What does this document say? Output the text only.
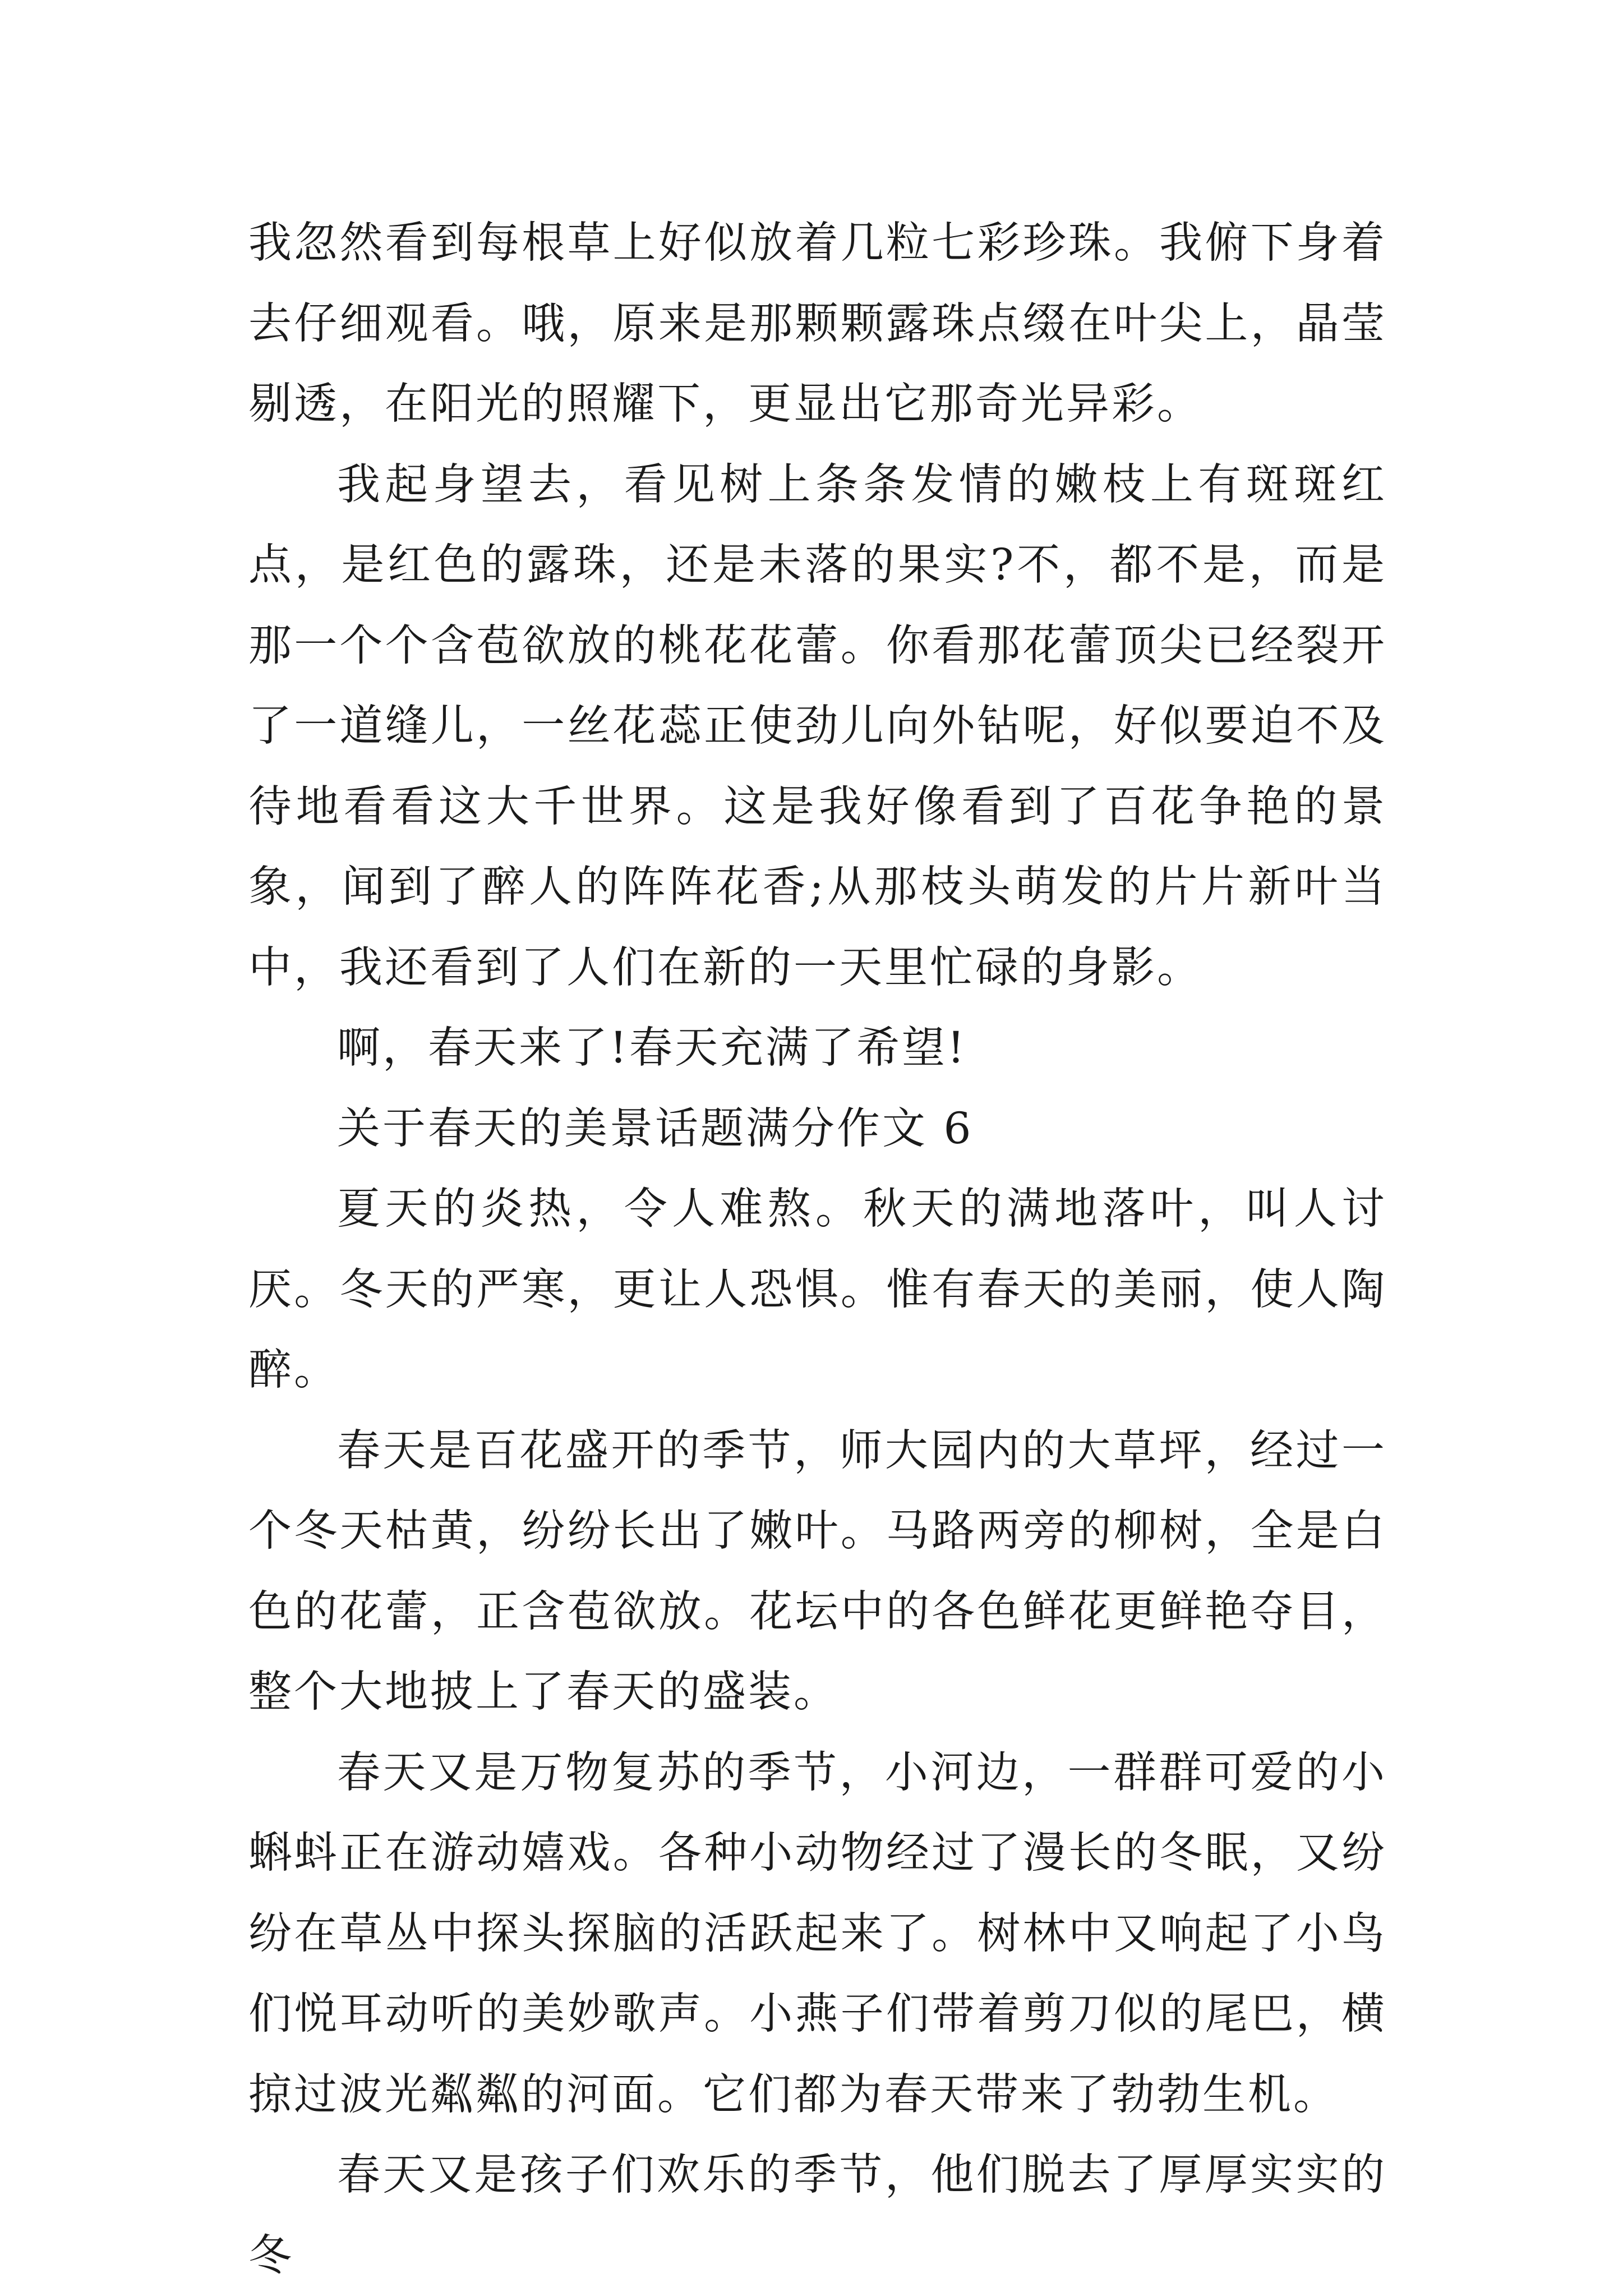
我忽然看到每根草上好似放着几粒七彩珍珠。我俯下身着去仔细观看。哦，原来是那颗颗露珠点缀在叶尖上，晶莹剔透，在阳光的照耀下，更显出它那奇光异彩。

我起身望去，看见树上条条发情的嫩枝上有斑斑红点，是红色的露珠，还是未落的果实?不，都不是，而是那一个个含苞欲放的桃花花蕾。你看那花蕾顶尖已经裂开了一道缝儿，一丝花蕊正使劲儿向外钻呢，好似要迫不及待地看看这大千世界。这是我好像看到了百花争艳的景象，闻到了醉人的阵阵花香;从那枝头萌发的片片新叶当中，我还看到了人们在新的一天里忙碌的身影。

啊，春天来了!春天充满了希望!

关于春天的美景话题满分作文 6

夏天的炎热，令人难熬。秋天的满地落叶，叫人讨厌。冬天的严寒，更让人恐惧。惟有春天的美丽，使人陶醉。

春天是百花盛开的季节，师大园内的大草坪，经过一个冬天枯黄，纷纷长出了嫩叶。马路两旁的柳树，全是白色的花蕾，正含苞欲放。花坛中的各色鲜花更鲜艳夺目，整个大地披上了春天的盛装。

春天又是万物复苏的季节，小河边，一群群可爱的小蝌蚪正在游动嬉戏。各种小动物经过了漫长的冬眠，又纷纷在草丛中探头探脑的活跃起来了。树林中又响起了小鸟们悦耳动听的美妙歌声。小燕子们带着剪刀似的尾巴，横掠过波光粼粼的河面。它们都为春天带来了勃勃生机。

春天又是孩子们欢乐的季节，他们脱去了厚厚实实的冬
